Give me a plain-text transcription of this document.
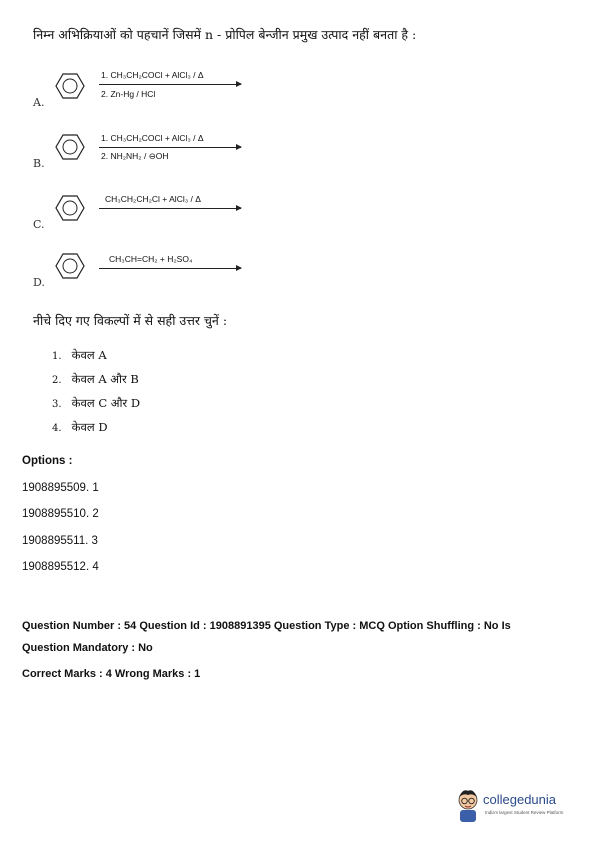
निम्न अभिक्रियाओं को पहचानें जिसमें n - प्रोपिल बेन्जीन प्रमुख उत्पाद नहीं बनता है :
A.
1. CH₃CH₂COCl + AlCl₃ / Δ
2. Zn-Hg / HCl
B.
1. CH₃CH₂COCl + AlCl₃ / Δ
2. NH₂NH₂ / ⊖OH
C.
CH₃CH₂CH₂Cl + AlCl₃ / Δ
D.
CH₃CH=CH₂ + H₂SO₄
नीचे दिए गए विकल्पों में से सही उत्तर चुनें :
1. केवल A
2. केवल A और B
3. केवल C और D
4. केवल D
Options :
1908895509. 1
1908895510. 2
1908895511. 3
1908895512. 4
Question Number : 54 Question Id : 1908891395 Question Type : MCQ Option Shuffling : No Is
Question Mandatory : No
Correct Marks : 4 Wrong Marks : 1
collegedunia
India's largest Student Review Platform
